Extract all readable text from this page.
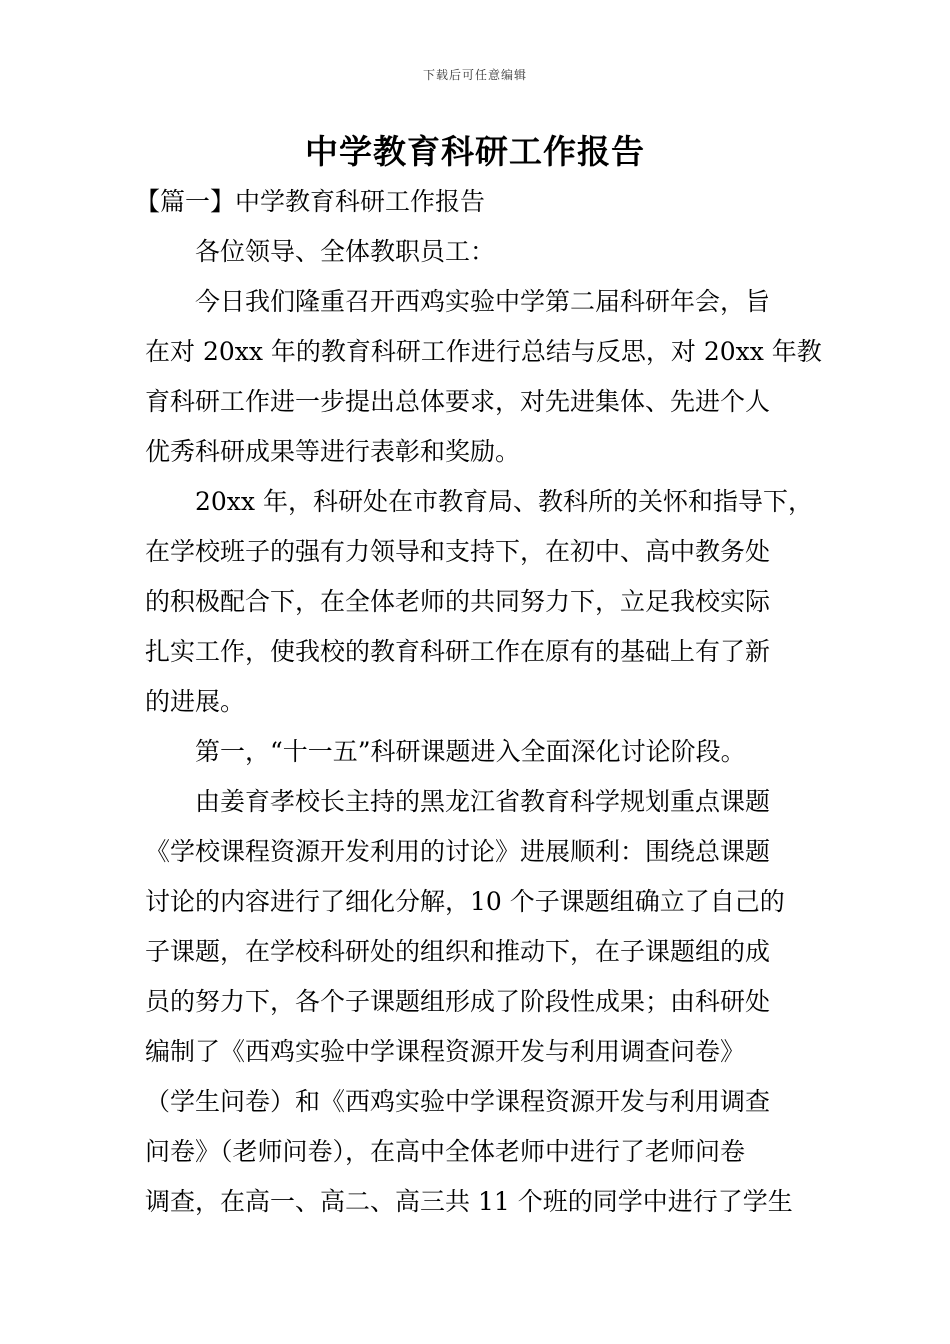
下载后可任意编辑
中学教育科研工作报告
【篇一】中学教育科研工作报告
各位领导、全体教职员工：
今日我们隆重召开西鸡实验中学第二届科研年会，旨
在对 20xx 年的教育科研工作进行总结与反思，对 20xx 年教
育科研工作进一步提出总体要求，对先进集体、先进个人
优秀科研成果等进行表彰和奖励。
20xx 年，科研处在市教育局、教科所的关怀和指导下，
在学校班子的强有力领导和支持下，在初中、高中教务处
的积极配合下，在全体老师的共同努力下，立足我校实际
扎实工作，使我校的教育科研工作在原有的基础上有了新
的进展。
第一，“十一五”科研课题进入全面深化讨论阶段。
由姜育孝校长主持的黑龙江省教育科学规划重点课题
《学校课程资源开发利用的讨论》进展顺利：围绕总课题
讨论的内容进行了细化分解，10 个子课题组确立了自己的
子课题，在学校科研处的组织和推动下，在子课题组的成
员的努力下，各个子课题组形成了阶段性成果；由科研处
编制了《西鸡实验中学课程资源开发与利用调查问卷》
（学生问卷）和《西鸡实验中学课程资源开发与利用调查
问卷》（老师问卷），在高中全体老师中进行了老师问卷
调查，在高一、高二、高三共 11 个班的同学中进行了学生
